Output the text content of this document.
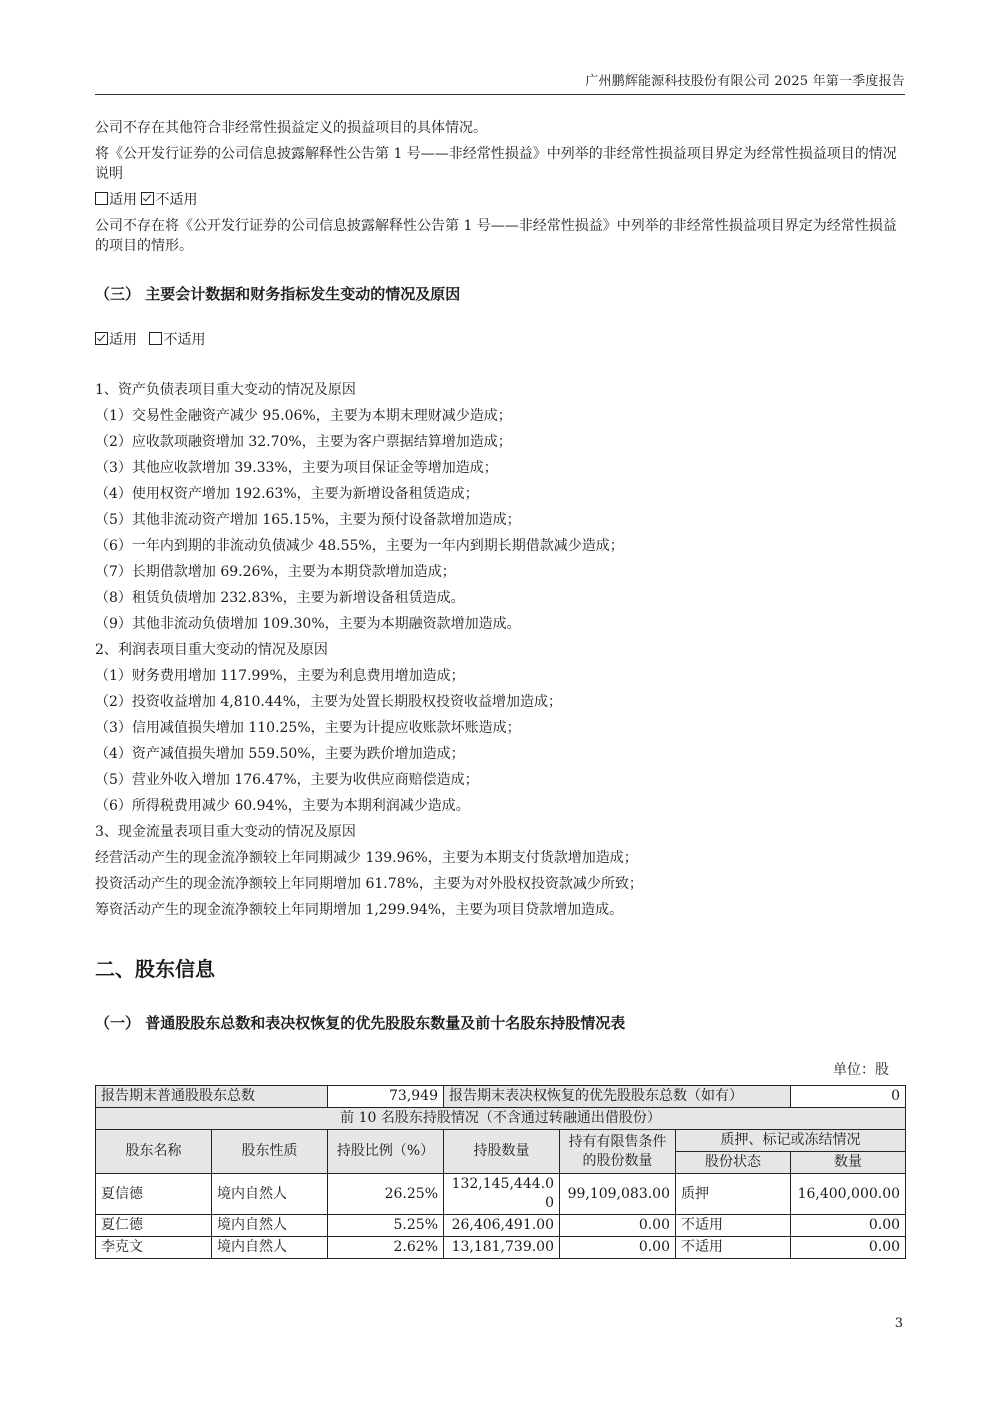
广州鹏辉能源科技股份有限公司 2025 年第一季度报告

公司不存在其他符合非经常性损益定义的损益项目的具体情况。

将《公开发行证券的公司信息披露解释性公告第 1 号——非经常性损益》中列举的非经常性损益项目界定为经常性损益项目的情况说明

适用 不适用

公司不存在将《公开发行证券的公司信息披露解释性公告第 1 号——非经常性损益》中列举的非经常性损益项目界定为经常性损益的项目的情形。

（三） 主要会计数据和财务指标发生变动的情况及原因

适用 不适用

1、资产负债表项目重大变动的情况及原因

（1）交易性金融资产减少 95.06%，主要为本期末理财减少造成；

（2）应收款项融资增加 32.70%，主要为客户票据结算增加造成；

（3）其他应收款增加 39.33%，主要为项目保证金等增加造成；

（4）使用权资产增加 192.63%，主要为新增设备租赁造成；

（5）其他非流动资产增加 165.15%，主要为预付设备款增加造成；

（6）一年内到期的非流动负债减少 48.55%，主要为一年内到期长期借款减少造成；

（7）长期借款增加 69.26%，主要为本期贷款增加造成；

（8）租赁负债增加 232.83%，主要为新增设备租赁造成。

（9）其他非流动负债增加 109.30%，主要为本期融资款增加造成。

2、利润表项目重大变动的情况及原因

（1）财务费用增加 117.99%，主要为利息费用增加造成；

（2）投资收益增加 4,810.44%，主要为处置长期股权投资收益增加造成；

（3）信用减值损失增加 110.25%，主要为计提应收账款坏账造成；

（4）资产减值损失增加 559.50%，主要为跌价增加造成；

（5）营业外收入增加 176.47%，主要为收供应商赔偿造成；

（6）所得税费用减少 60.94%，主要为本期利润减少造成。

3、现金流量表项目重大变动的情况及原因

经营活动产生的现金流净额较上年同期减少 139.96%，主要为本期支付货款增加造成；

投资活动产生的现金流净额较上年同期增加 61.78%，主要为对外股权投资款减少所致；

筹资活动产生的现金流净额较上年同期增加 1,299.94%，主要为项目贷款增加造成。

二、股东信息

（一） 普通股股东总数和表决权恢复的优先股股东数量及前十名股东持股情况表

单位：股
报告期末普通股股东总数		73,949	报告期末表决权恢复的优先股股东总数（如有）			0
前 10 名股东持股情况（不含通过转融通出借股份）						
股东名称	股东性质	持股比例（%）	持股数量	持有有限售条件的股份数量	质押、标记或冻结情况	
					股份状态	数量
夏信德	境内自然人	26.25%	132,145,444.00	99,109,083.00	质押	16,400,000.00
夏仁德	境内自然人	5.25%	26,406,491.00	0.00	不适用	0.00
李克文	境内自然人	2.62%	13,181,739.00	0.00	不适用	0.00
3
